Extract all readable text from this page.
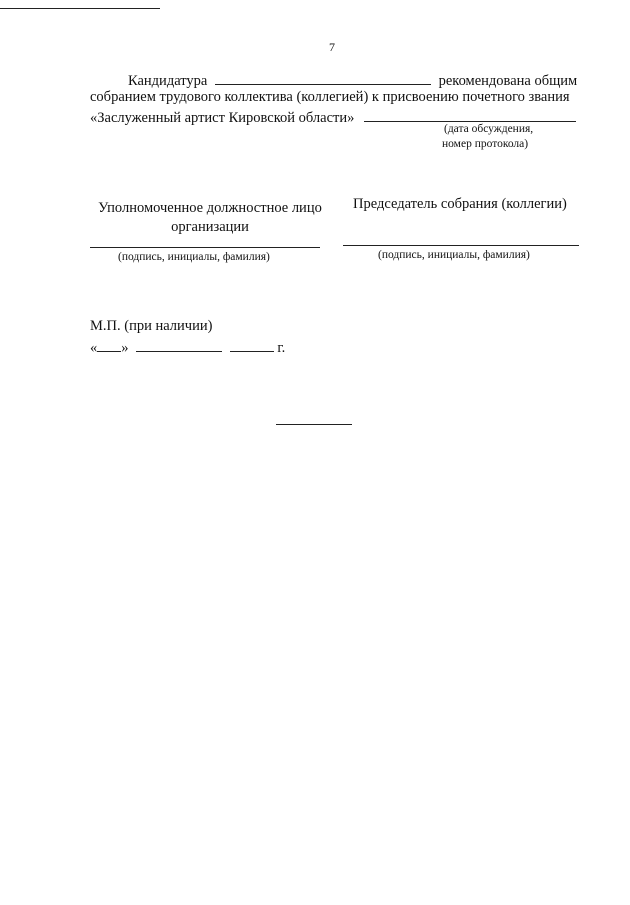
7
Кандидатура	рекомендована общим
собранием трудового коллектива (коллегией) к присвоению почетного звания
«Заслуженный артист Кировской области»
(дата обсуждения,
номер протокола)
Уполномоченное должностное лицо
организации
(подпись, инициалы, фамилия)
Председатель собрания (коллегии)
(подпись, инициалы, фамилия)
М.П. (при наличии)
« »	г.
